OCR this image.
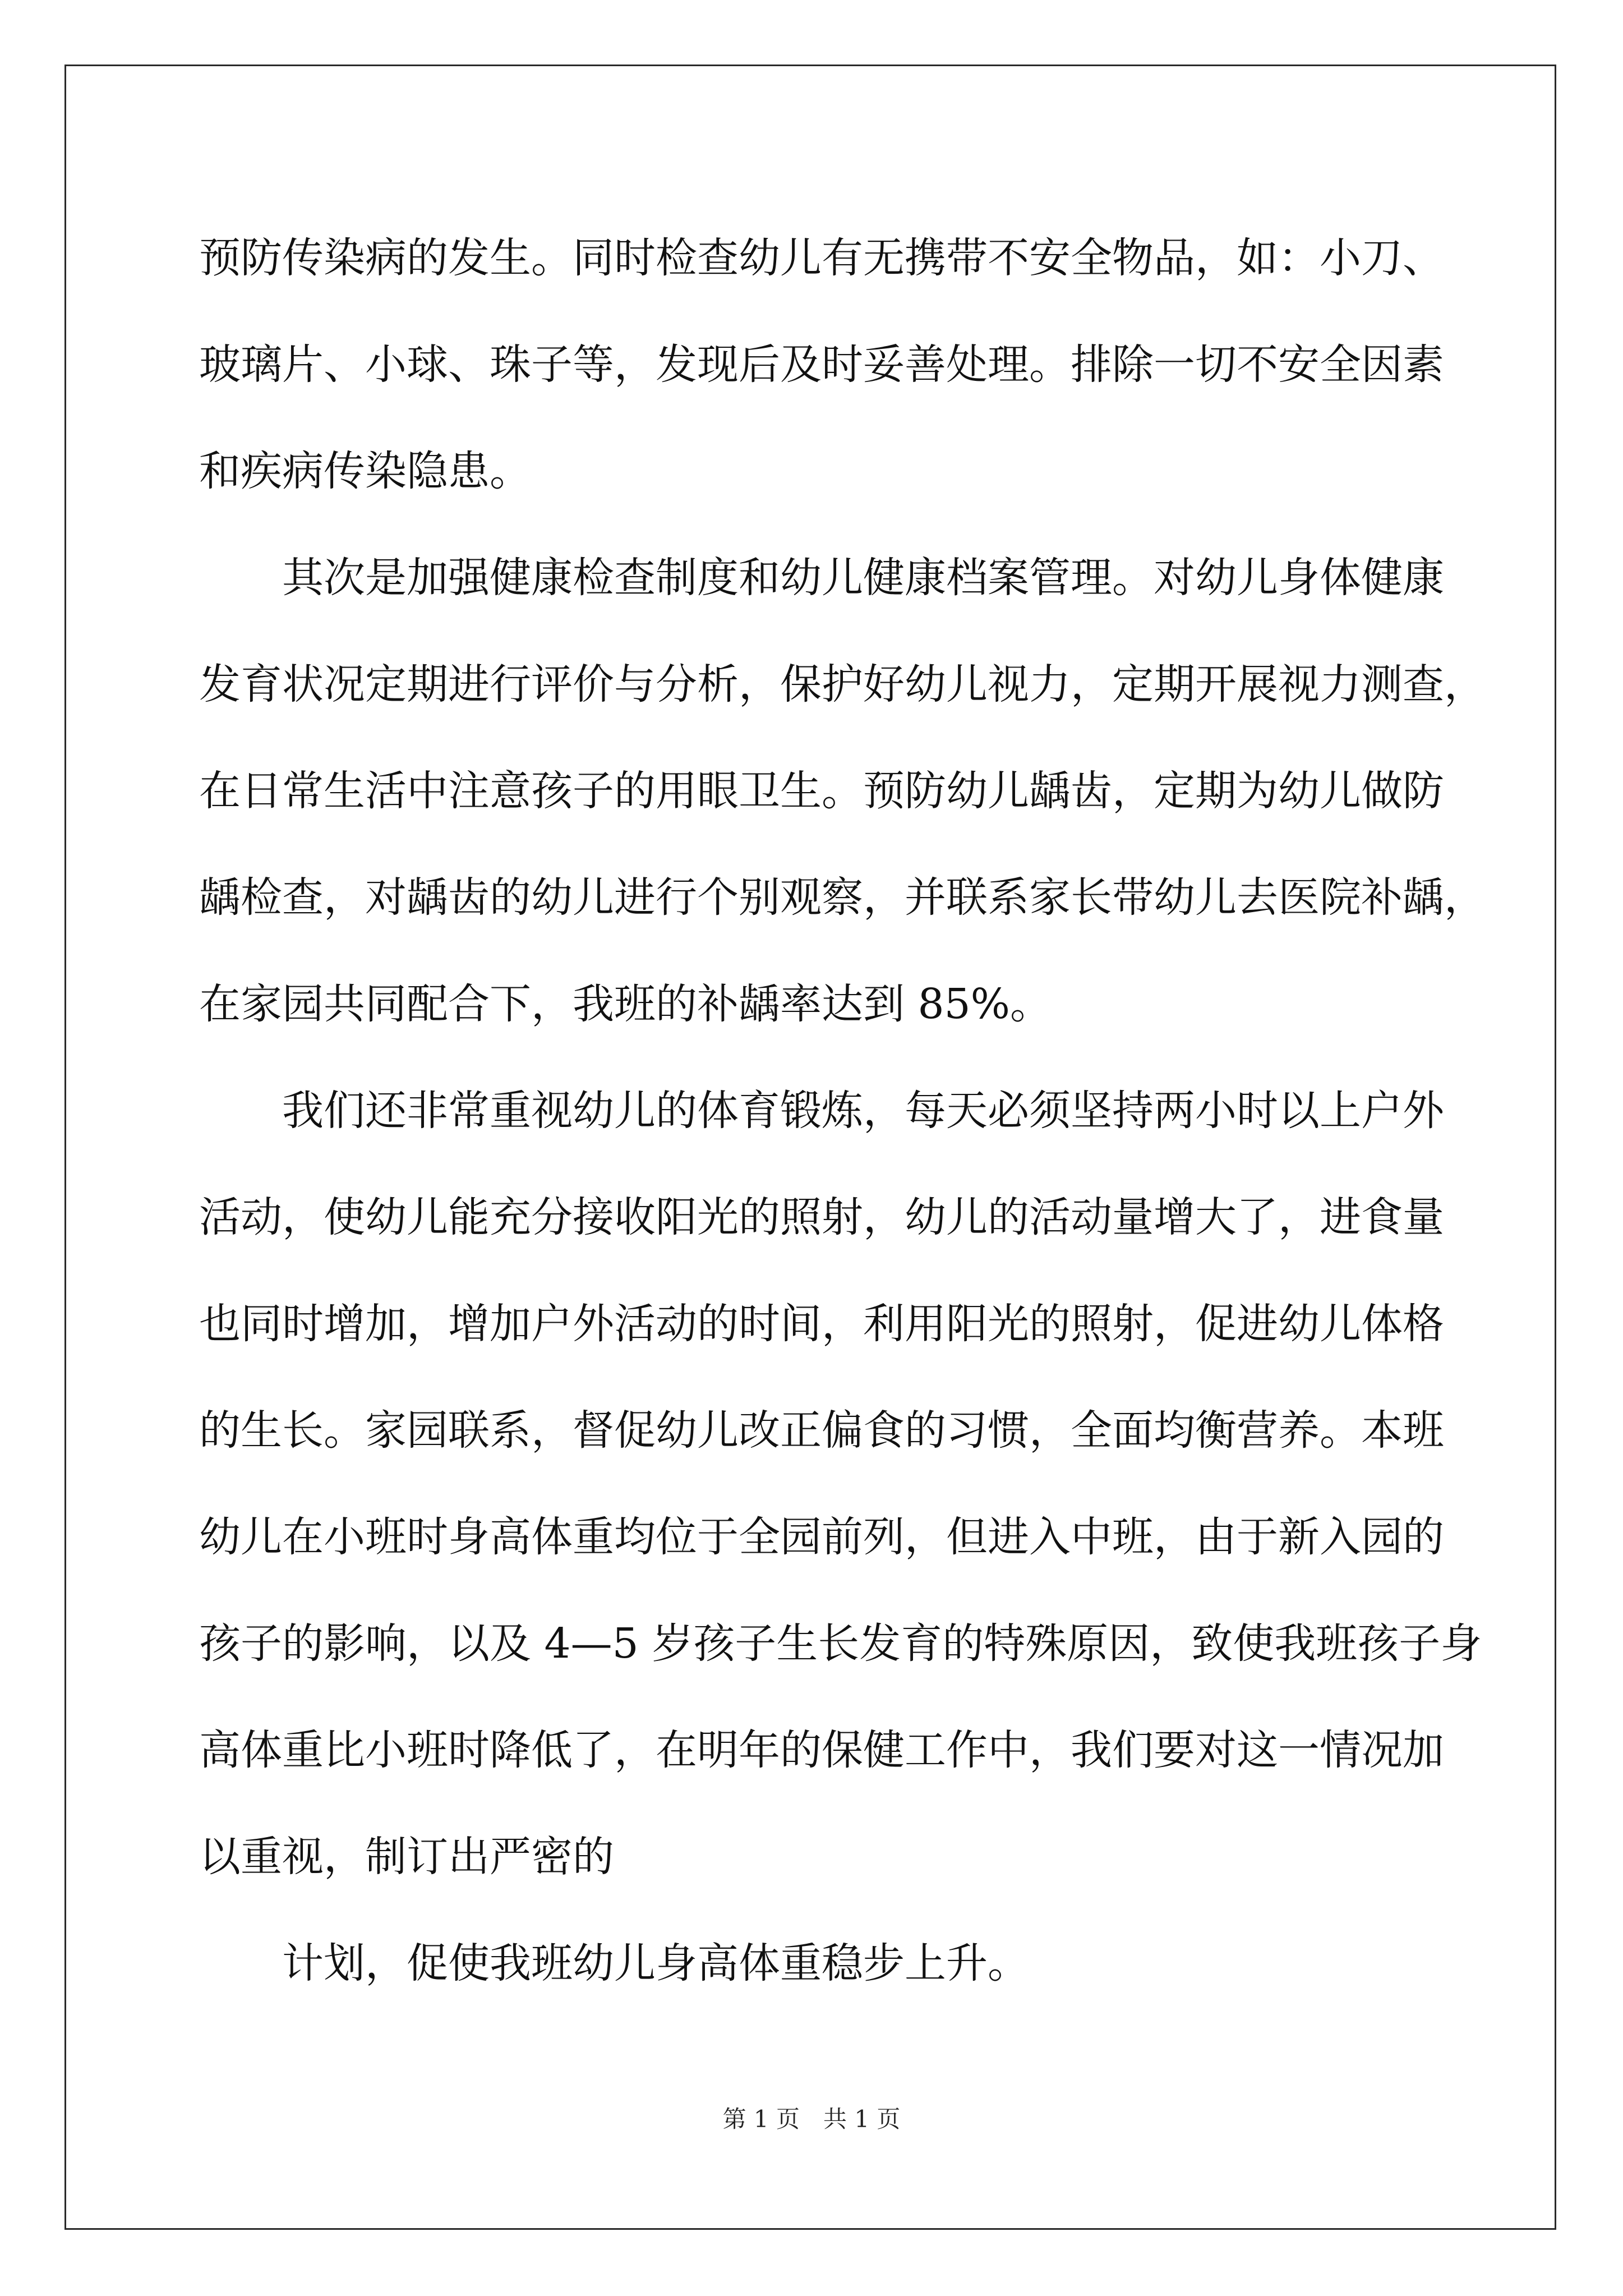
预防传染病的发生。同时检查幼儿有无携带不安全物品，如：小刀、
玻璃片、小球、珠子等，发现后及时妥善处理。排除一切不安全因素
和疾病传染隐患。
其次是加强健康检查制度和幼儿健康档案管理。对幼儿身体健康
发育状况定期进行评价与分析，保护好幼儿视力，定期开展视力测查，
在日常生活中注意孩子的用眼卫生。预防幼儿龋齿，定期为幼儿做防
龋检查，对龋齿的幼儿进行个别观察，并联系家长带幼儿去医院补龋，
在家园共同配合下，我班的补龋率达到 85%。
我们还非常重视幼儿的体育锻炼，每天必须坚持两小时以上户外
活动，使幼儿能充分接收阳光的照射，幼儿的活动量增大了，进食量
也同时增加，增加户外活动的时间，利用阳光的照射，促进幼儿体格
的生长。家园联系，督促幼儿改正偏食的习惯，全面均衡营养。本班
幼儿在小班时身高体重均位于全园前列，但进入中班，由于新入园的
孩子的影响，以及 4—5 岁孩子生长发育的特殊原因，致使我班孩子身
高体重比小班时降低了，在明年的保健工作中，我们要对这一情况加
以重视，制订出严密的
计划，促使我班幼儿身高体重稳步上升。
第 1 页　共 1 页
